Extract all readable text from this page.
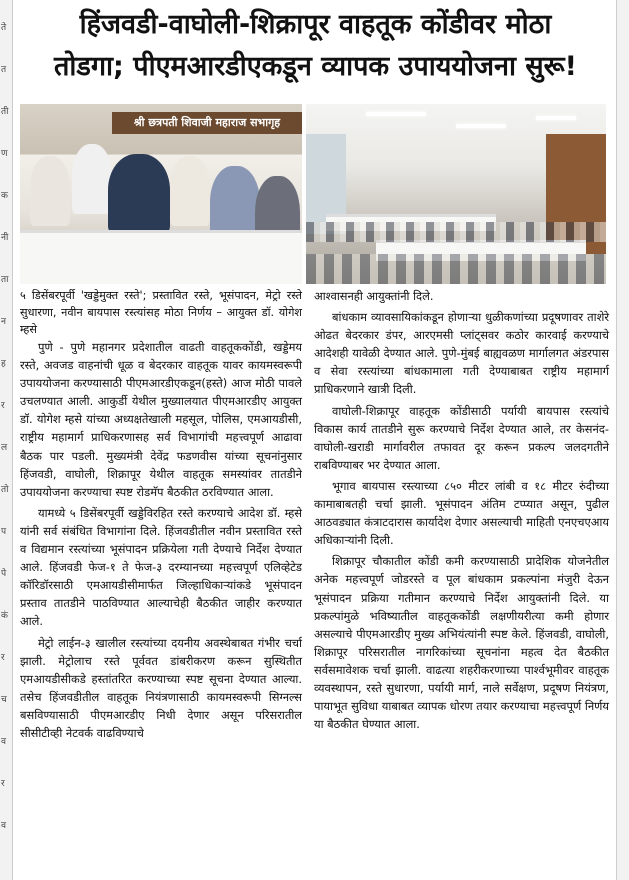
ते
त
ती
ण
क
नी
ता
न
ह
र
ल
तो
प
पे
कं
र
च
व
र
व
हिंजवडी-वाघोली-शिक्रापूर वाहतूक कोंडीवर मोठा
तोडगा; पीएमआरडीएकडून व्यापक उपाययोजना सुरू!
श्री छत्रपती शिवाजी महाराज सभागृह

५ डिसेंबरपूर्वी 'खड्डेमुक्त रस्ते'; प्रस्तावित रस्ते, भूसंपादन, मेट्रो रस्ते सुधारणा, नवीन बायपास रस्त्यांसह मोठा निर्णय – आयुक्त डॉ. योगेश म्हसे

पुणे - पुणे महानगर प्रदेशातील वाढती वाहतूककोंडी, खड्डेमय रस्ते, अवजड वाहनांची धूळ व बेदरकार वाहतूक यावर कायमस्वरूपी उपाययोजना करण्यासाठी पीएमआरडीएकडून(हस्ते) आज मोठी पावले उचलण्यात आली. आकुर्डी येथील मुख्यालयात पीएमआरडीए आयुक्त डॉ. योगेश म्हसे यांच्या अध्यक्षतेखाली महसूल, पोलिस, एमआयडीसी, राष्ट्रीय महामार्ग प्राधिकरणासह सर्व विभागांची महत्त्वपूर्ण आढावा बैठक पार पडली. मुख्यमंत्री देवेंद्र फडणवीस यांच्या सूचनांनुसार हिंजवडी, वाघोली, शिक्रापूर येथील वाहतूक समस्यांवर तातडीने उपाययोजना करण्याचा स्पष्ट रोडमॅप बैठकीत ठरविण्यात आला.

यामध्ये ५ डिसेंबरपूर्वी खड्डेविरहित रस्ते करण्याचे आदेश डॉ. म्हसे यांनी सर्व संबंधित विभागांना दिले. हिंजवडीतील नवीन प्रस्तावित रस्ते व विद्यमान रस्त्यांच्या भूसंपादन प्रक्रियेला गती देण्याचे निर्देश देण्यात आले. हिंजवडी फेज-१ ते फेज-३ दरम्यानच्या महत्त्वपूर्ण एलिव्हेटेड कॉरिडॉरसाठी एमआयडीसीमार्फत जिल्हाधिकाऱ्यांकडे भूसंपादन प्रस्ताव तातडीने पाठविण्यात आल्याचेही बैठकीत जाहीर करण्यात आले.

मेट्रो लाईन-३ खालील रस्त्यांच्या दयनीय अवस्थेबाबत गंभीर चर्चा झाली. मेट्रोलाच रस्ते पूर्ववत डांबरीकरण करून सुस्थितीत एमआयडीसीकडे हस्तांतरित करण्याच्या स्पष्ट सूचना देण्यात आल्या. तसेच हिंजवडीतील वाहतूक नियंत्रणासाठी कायमस्वरूपी सिग्नल्स बसविण्यासाठी पीएमआरडीए निधी देणार असून परिसरातील सीसीटीव्ही नेटवर्क वाढविण्याचे

आश्वासनही आयुक्तांनी दिले.

बांधकाम व्यावसायिकांकडून होणाऱ्या धुळीकणांच्या प्रदूषणावर ताशेरे ओढत बेदरकार डंपर, आरएमसी प्लांट्सवर कठोर कारवाई करण्याचे आदेशही यावेळी देण्यात आले. पुणे-मुंबई बाह्यवळण मार्गालगत अंडरपास व सेवा रस्त्यांच्या बांधकामाला गती देण्याबाबत राष्ट्रीय महामार्ग प्राधिकरणाने खात्री दिली.

वाघोली-शिक्रापूर वाहतूक कोंडीसाठी पर्यायी बायपास रस्त्यांचे विकास कार्य तातडीने सुरू करण्याचे निर्देश देण्यात आले, तर केसनंद-वाघोली-खराडी मार्गावरील तफावत दूर करून प्रकल्प जलदगतीने राबविण्याबर भर देण्यात आला.

भूगाव बायपास रस्त्याच्या ८५० मीटर लांबी व १८ मीटर रुंदीच्या कामाबाबतही चर्चा झाली. भूसंपादन अंतिम टप्प्यात असून, पुढील आठवड्यात कंत्राटदारास कार्यादेश देणार असल्याची माहिती एनएचएआय अधिकाऱ्यांनी दिली.

शिक्रापूर चौकातील कोंडी कमी करण्यासाठी प्रादेशिक योजनेतील अनेक महत्त्वपूर्ण जोडरस्ते व पूल बांधकाम प्रकल्पांना मंजुरी देऊन भूसंपादन प्रक्रिया गतीमान करण्याचे निर्देश आयुक्तांनी दिले. या प्रकल्पांमुळे भविष्यातील वाहतूककोंडी लक्षणीयरीत्या कमी होणार असल्याचे पीएमआरडीए मुख्य अभियंत्यांनी स्पष्ट केले. हिंजवडी, वाघोली, शिक्रापूर परिसरातील नागरिकांच्या सूचनांना महत्व देत बैठकीत सर्वसमावेशक चर्चा झाली. वाढत्या शहरीकरणाच्या पार्श्वभूमीवर वाहतूक व्यवस्थापन, रस्ते सुधारणा, पर्यायी मार्ग, नाले सर्वेक्षण, प्रदूषण नियंत्रण, पायाभूत सुविधा याबाबत व्यापक धोरण तयार करण्याचा महत्त्वपूर्ण निर्णय या बैठकीत घेण्यात आला.
